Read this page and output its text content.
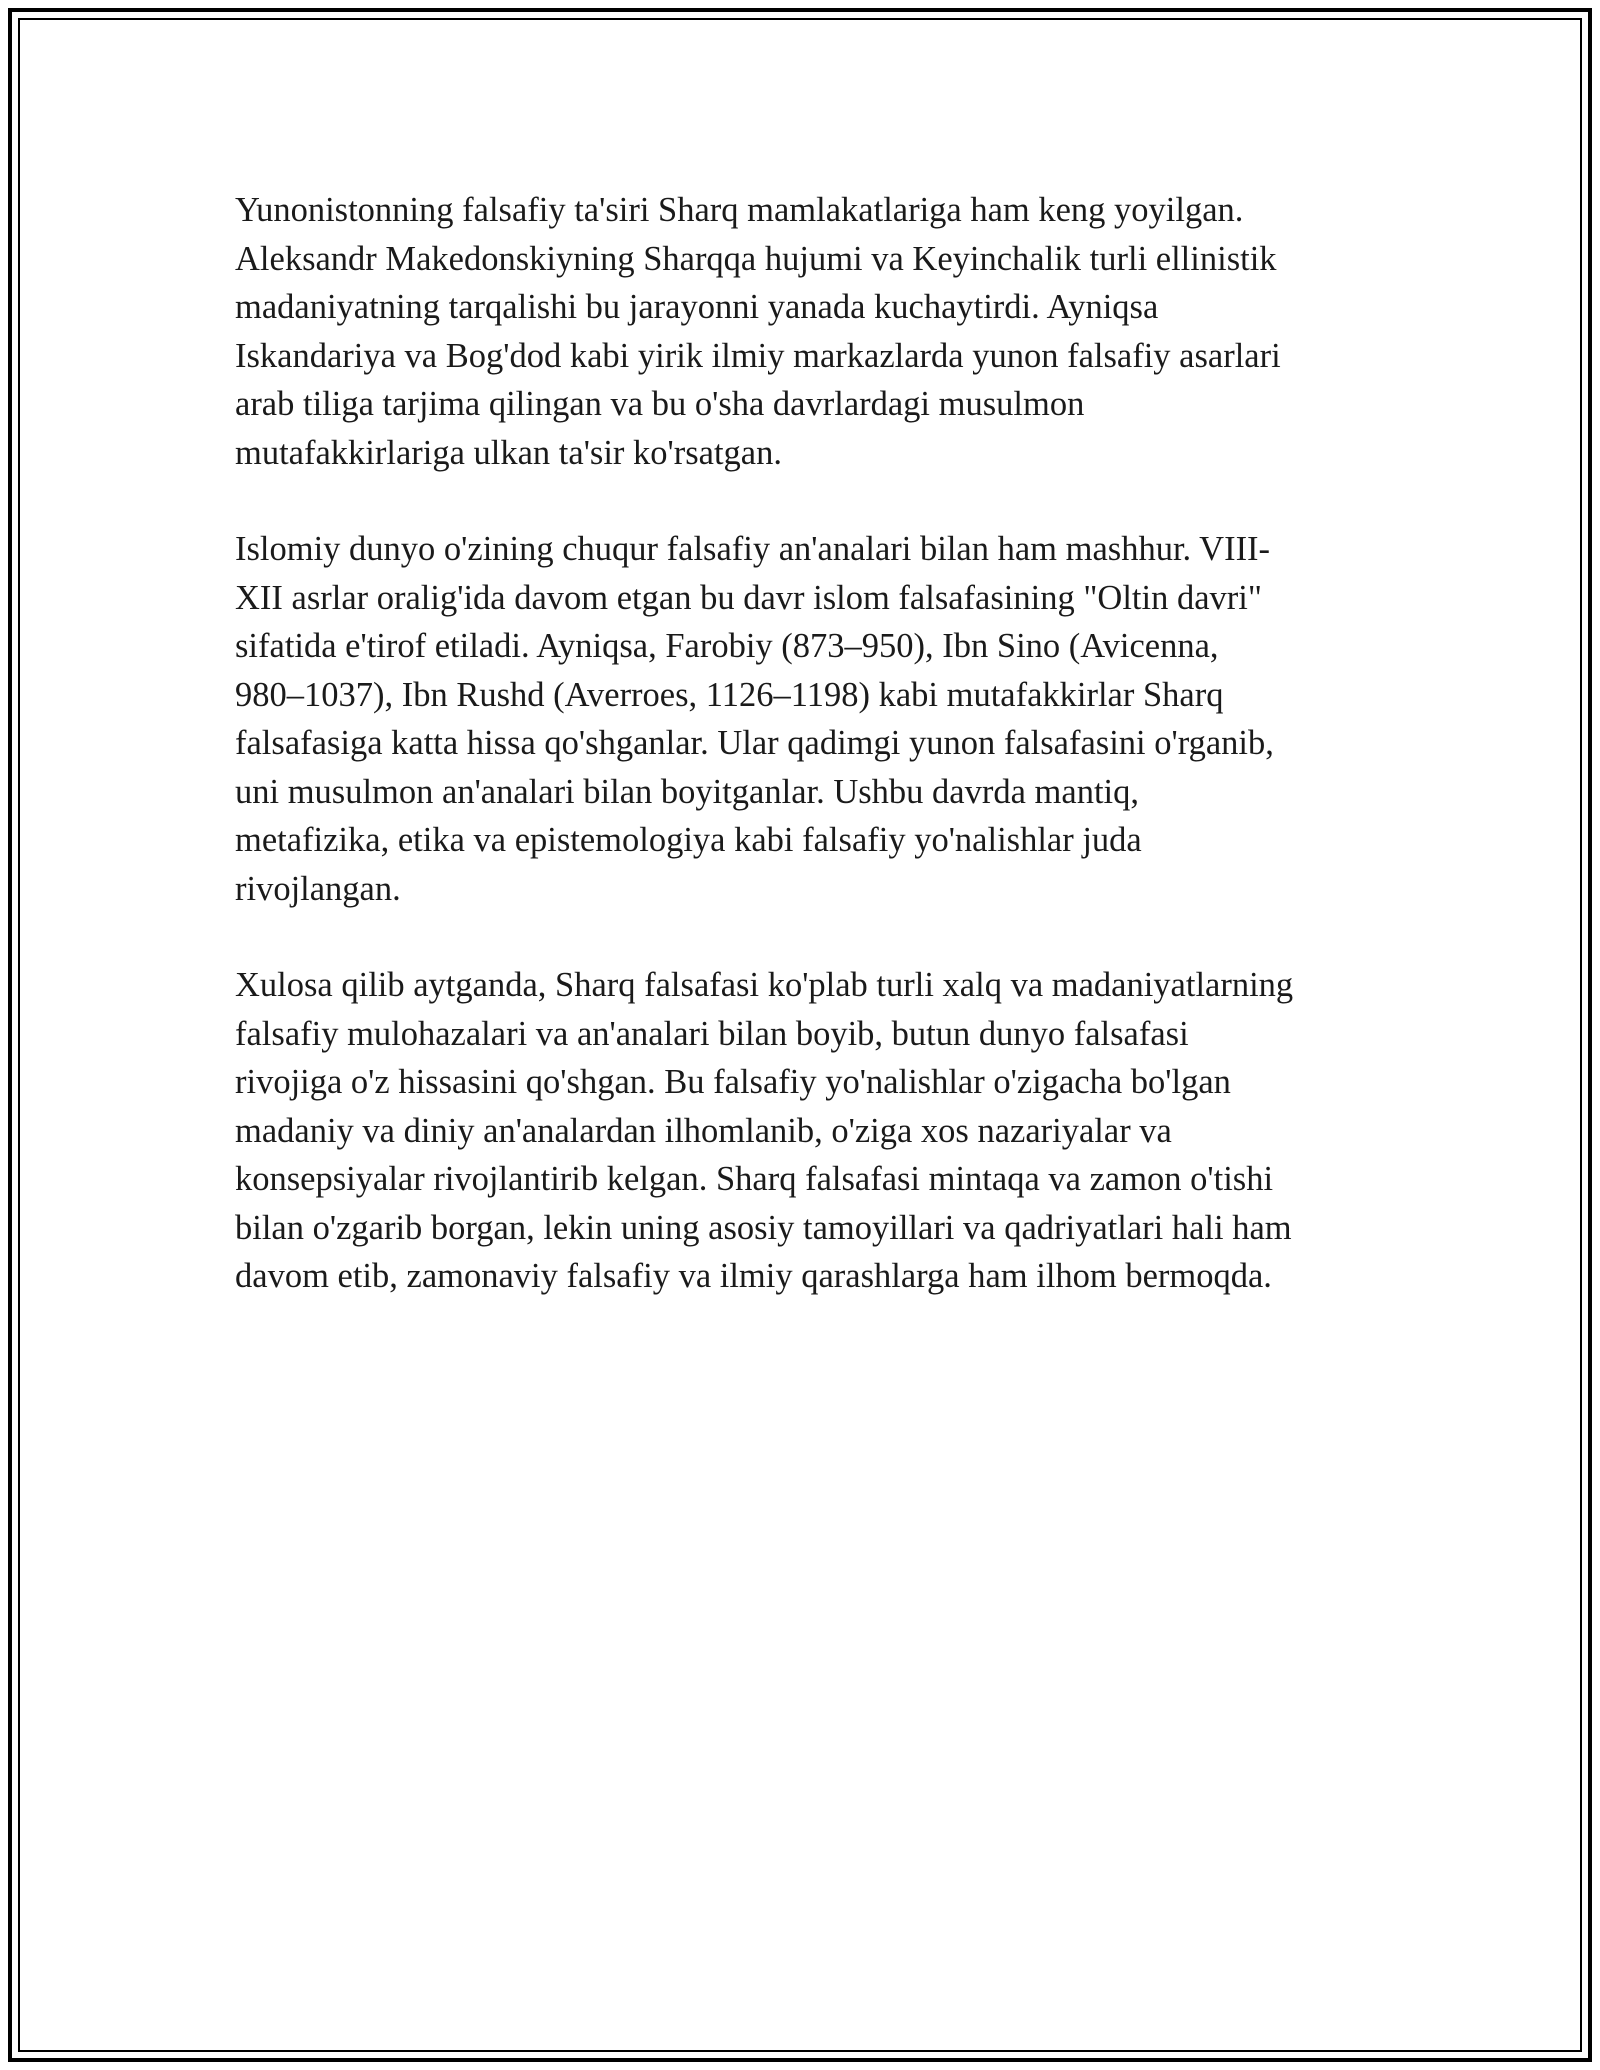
Yunonistonning falsafiy ta'siri Sharq mamlakatlariga ham keng yoyilgan.
Aleksandr Makedonskiyning Sharqqa hujumi va Keyinchalik turli ellinistik
madaniyatning tarqalishi bu jarayonni yanada kuchaytirdi. Ayniqsa
Iskandariya va Bog'dod kabi yirik ilmiy markazlarda yunon falsafiy asarlari
arab tiliga tarjima qilingan va bu o'sha davrlardagi musulmon
mutafakkirlariga ulkan ta'sir ko'rsatgan.

Islomiy dunyo o'zining chuqur falsafiy an'analari bilan ham mashhur. VIII-
XII asrlar oralig'ida davom etgan bu davr islom falsafasining "Oltin davri"
sifatida e'tirof etiladi. Ayniqsa, Farobiy (873–950), Ibn Sino (Avicenna,
980–1037), Ibn Rushd (Averroes, 1126–1198) kabi mutafakkirlar Sharq
falsafasiga katta hissa qo'shganlar. Ular qadimgi yunon falsafasini o'rganib,
uni musulmon an'analari bilan boyitganlar. Ushbu davrda mantiq,
metafizika, etika va epistemologiya kabi falsafiy yo'nalishlar juda
rivojlangan.

Xulosa qilib aytganda, Sharq falsafasi ko'plab turli xalq va madaniyatlarning
falsafiy mulohazalari va an'analari bilan boyib, butun dunyo falsafasi
rivojiga o'z hissasini qo'shgan. Bu falsafiy yo'nalishlar o'zigacha bo'lgan
madaniy va diniy an'analardan ilhomlanib, o'ziga xos nazariyalar va
konsepsiyalar rivojlantirib kelgan. Sharq falsafasi mintaqa va zamon o'tishi
bilan o'zgarib borgan, lekin uning asosiy tamoyillari va qadriyatlari hali ham
davom etib, zamonaviy falsafiy va ilmiy qarashlarga ham ilhom bermoqda.
